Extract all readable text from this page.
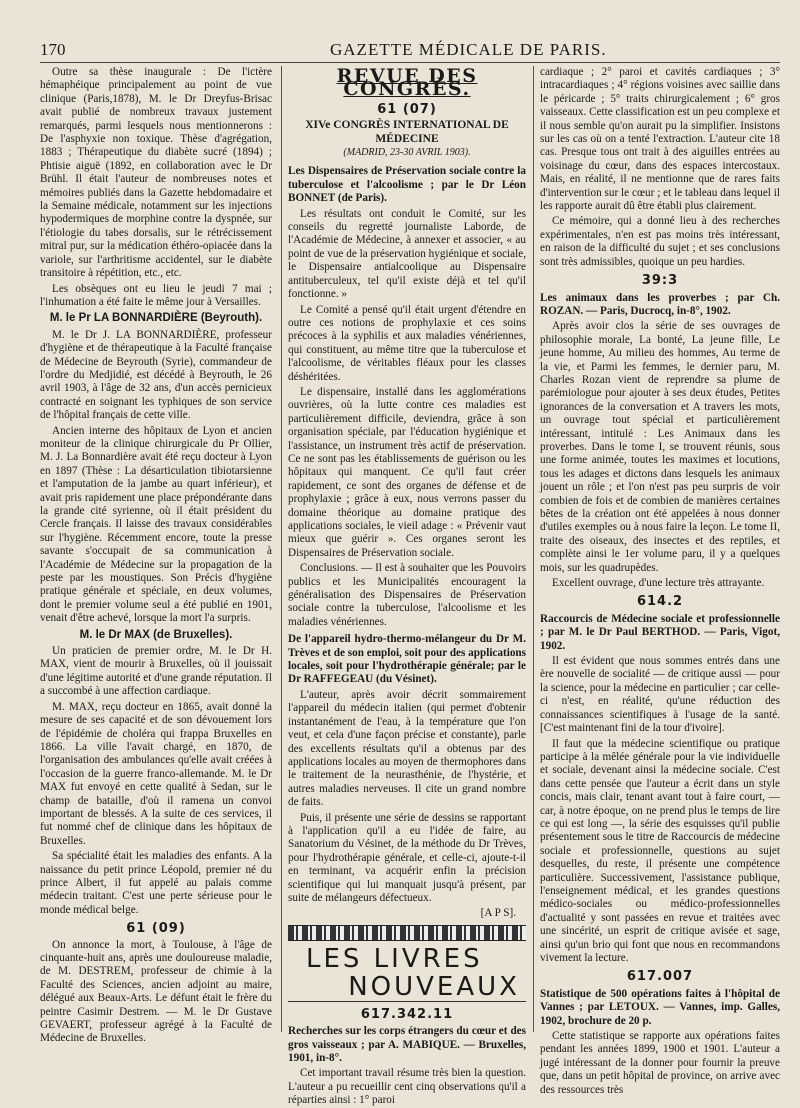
170	GAZETTE MÉDICALE DE PARIS.

Outre sa thèse inaugurale : De l'ictère hémaphéique principalement au point de vue clinique (Paris,1878), M. le Dr Dreyfus-Brisac avait publié de nombreux travaux justement remarqués, parmi lesquels nous mentionnerons : De l'asphyxie non toxique. Thèse d'agrégation, 1883 ; Thérapeutique du diabète sucré (1894) ; Phtisie aiguë (1892, en collaboration avec le Dr Brühl. Il était l'auteur de nombreuses notes et mémoires publiés dans la Gazette hebdomadaire et la Semaine médicale, notamment sur les injections hypodermiques de morphine contre la dyspnée, sur l'étiologie du tabes dorsalis, sur le rétrécissement mitral pur, sur la médication éthéro-opiacée dans la variole, sur l'arthritisme accidentel, sur le diabète transitoire à répétition, etc., etc.

Les obsèques ont eu lieu le jeudi 7 mai ; l'inhumation a été faite le même jour à Versailles.

M. le Pr LA BONNARDIÈRE (Beyrouth).

M. le Dr J. LA BONNARDIÈRE, professeur d'hygiène et de thérapeutique à la Faculté française de Médecine de Beyrouth (Syrie), commandeur de l'ordre du Medjidié, est décédé à Beyrouth, le 26 avril 1903, à l'âge de 32 ans, d'un accès pernicieux contracté en soignant les typhiques de son service de l'hôpital français de cette ville.

Ancien interne des hôpitaux de Lyon et ancien moniteur de la clinique chirurgicale du Pr Ollier, M. J. La Bonnardière avait été reçu docteur à Lyon en 1897 (Thèse : La désarticulation tibiotarsienne et l'amputation de la jambe au quart inférieur), et avait pris rapidement une place prépondérante dans la grande cité syrienne, où il était président du Cercle français. Il laisse des travaux considérables sur l'hygiène. Récemment encore, toute la presse savante s'occupait de sa communication à l'Académie de Médecine sur la propagation de la peste par les moustiques. Son Précis d'hygiène pratique générale et spéciale, en deux volumes, dont le premier volume seul a été publié en 1901, venait d'être achevé, lorsque la mort l'a surpris.

M. le Dr MAX (de Bruxelles).

Un praticien de premier ordre, M. le Dr H. MAX, vient de mourir à Bruxelles, où il jouissait d'une légitime autorité et d'une grande réputation. Il a succombé à une affection cardiaque.

M. MAX, reçu docteur en 1865, avait donné la mesure de ses capacité et de son dévouement lors de l'épidémie de choléra qui frappa Bruxelles en 1866. La ville l'avait chargé, en 1870, de l'organisation des ambulances qu'elle avait créées à l'occasion de la guerre franco-allemande. M. le Dr MAX fut envoyé en cette qualité à Sedan, sur le champ de bataille, d'où il ramena un convoi important de blessés. A la suite de ces services, il fut nommé chef de clinique dans les hôpitaux de Bruxelles.

Sa spécialité était les maladies des enfants. A la naissance du petit prince Léopold, premier né du prince Albert, il fut appelé au palais comme médecin traitant. C'est une perte sérieuse pour le monde médical belge.

61 (09)

On annonce la mort, à Toulouse, à l'âge de cinquante-huit ans, après une douloureuse maladie, de M. DESTREM, professeur de chimie à la Faculté des Sciences, ancien adjoint au maire, délégué aux Beaux-Arts. Le défunt était le frère du peintre Casimir Destrem. — M. le Dr Gustave GEVAERT, professeur agrégé à la Faculté de Médecine de Bruxelles.

REVUE DES CONGRÈS.
61 (07)
XIVe CONGRÈS INTERNATIONAL DE MÉDECINE
(MADRID, 23-30 AVRIL 1903).

Les Dispensaires de Préservation sociale contre la tuberculose et l'alcoolisme ; par le Dr Léon BONNET (de Paris).

Les résultats ont conduit le Comité, sur les conseils du regretté journaliste Laborde, de l'Académie de Médecine, à annexer et associer, « au point de vue de la préservation hygiénique et sociale, le Dispensaire antialcoolique au Dispensaire antituberculeux, tel qu'il existe déjà et tel qu'il fonctionne. »

Le Comité a pensé qu'il était urgent d'étendre en outre ces notions de prophylaxie et ces soins précoces à la syphilis et aux maladies vénériennes, qui constituent, au même titre que la tuberculose et l'alcoolisme, de véritables fléaux pour les classes déshéritées.

Le dispensaire, installé dans les agglomérations ouvrières, où la lutte contre ces maladies est particulièrement difficile, deviendra, grâce à son organisation spéciale, par l'éducation hygiénique et l'assistance, un instrument très actif de préservation. Ce ne sont pas les établissements de guérison ou les hôpitaux qui manquent. Ce qu'il faut créer rapidement, ce sont des organes de défense et de prophylaxie ; grâce à eux, nous verrons passer du domaine théorique au domaine pratique des applications sociales, le vieil adage : « Prévenir vaut mieux que guérir ». Ces organes seront les Dispensaires de Préservation sociale.

Conclusions. — Il est à souhaiter que les Pouvoirs publics et les Municipalités encouragent la généralisation des Dispensaires de Préservation sociale contre la tuberculose, l'alcoolisme et les maladies vénériennes.

De l'appareil hydro-thermo-mélangeur du Dr M. Trèves et de son emploi, soit pour des applications locales, soit pour l'hydrothérapie générale; par le Dr RAFFEGEAU (du Vésinet).

L'auteur, après avoir décrit sommairement l'appareil du médecin italien (qui permet d'obtenir instantanément de l'eau, à la température que l'on veut, et cela d'une façon précise et constante), parle des excellents résultats qu'il a obtenus par des applications locales au moyen de thermophores dans le traitement de la neurasthénie, de l'hystérie, et autres maladies nerveuses. Il cite un grand nombre de faits.

Puis, il présente une série de dessins se rapportant à l'application qu'il a eu l'idée de faire, au Sanatorium du Vésinet, de la méthode du Dr Trèves, pour l'hydrothérapie générale, et celle-ci, ajoute-t-il en terminant, va acquérir enfin la précision scientifique qui lui manquait jusqu'à présent, par suite de mélangeurs défectueux.

[A P S].

LES LIVRES
NOUVEAUX
617.342.11

Recherches sur les corps étrangers du cœur et des gros vaisseaux ; par A. MABIQUE. — Bruxelles, 1901, in-8°.

Cet important travail résume très bien la question. L'auteur a pu recueillir cent cinq observations qu'il a réparties ainsi : 1° paroi

cardiaque ; 2° paroi et cavités cardiaques ; 3° intracardiaques ; 4° régions voisines avec saillie dans le péricarde ; 5° traits chirurgicalement ; 6° gros vaisseaux. Cette classification est un peu complexe et il nous semble qu'on aurait pu la simplifier. Insistons sur les cas où on a tenté l'extraction. L'auteur cite 18 cas. Presque tous ont trait à des aiguilles entrées au voisinage du cœur, dans des espaces intercostaux. Mais, en réalité, il ne mentionne que de rares faits d'intervention sur le cœur ; et le tableau dans lequel il les rapporte aurait dû être établi plus clairement.

Ce mémoire, qui a donné lieu à des recherches expérimentales, n'en est pas moins très intéressant, en raison de la difficulté du sujet ; et ses conclusions sont très admissibles, quoique un peu hardies.

39:3

Les animaux dans les proverbes ; par Ch. ROZAN. — Paris, Ducrocq, in-8°, 1902.

Après avoir clos la série de ses ouvrages de philosophie morale, La bonté, La jeune fille, Le jeune homme, Au milieu des hommes, Au terme de la vie, et Parmi les femmes, le dernier paru, M. Charles Rozan vient de reprendre sa plume de parémiologue pour ajouter à ses deux études, Petites ignorances de la conversation et A travers les mots, un ouvrage tout spécial et particulièrement intéressant, intitulé : Les Animaux dans les proverbes. Dans le tome I, se trouvent réunis, sous une forme animée, toutes les maximes et locutions, tous les adages et dictons dans lesquels les animaux jouent un rôle ; et l'on n'est pas peu surpris de voir combien de fois et de combien de manières certaines bêtes de la création ont été appelées à nous donner d'utiles exemples ou à nous faire la leçon. Le tome II, traite des oiseaux, des insectes et des reptiles, et complète ainsi le 1er volume paru, il y a quelques mois, sur les quadrupèdes.

Excellent ouvrage, d'une lecture très attrayante.

614.2

Raccourcis de Médecine sociale et professionnelle ; par M. le Dr Paul BERTHOD. — Paris, Vigot, 1902.

Il est évident que nous sommes entrés dans une ère nouvelle de socialité — de critique aussi — pour la science, pour la médecine en particulier ; car celle-ci n'est, en réalité, qu'une réduction des connaissances scientifiques à l'usage de la santé. [C'est maintenant fini de la tour d'ivoire].

Il faut que la médecine scientifique ou pratique participe à la mêlée générale pour la vie individuelle et sociale, devenant ainsi la médecine sociale. C'est dans cette pensée que l'auteur a écrit dans un style concis, mais clair, tenant avant tout à faire court, — car, à notre époque, on ne prend plus le temps de lire ce qui est long —, la série des esquisses qu'il publie présentement sous le titre de Raccourcis de médecine sociale et professionnelle, questions au sujet desquelles, du reste, il présente une compétence particulière. Successivement, l'assistance publique, l'enseignement médical, et les grandes questions médico-sociales ou médico-professionnelles d'actualité y sont passées en revue et traitées avec une sincérité, un esprit de critique avisée et sage, ainsi qu'un brio qui font que nous en recommandons vivement la lecture.

617.007

Statistique de 500 opérations faites à l'hôpital de Vannes ; par LETOUX. — Vannes, imp. Galles, 1902, brochure de 20 p.

Cette statistique se rapporte aux opérations faites pendant les années 1899, 1900 et 1901. L'auteur a jugé intéressant de la donner pour fournir la preuve que, dans un petit hôpital de province, on arrive avec des ressources très
